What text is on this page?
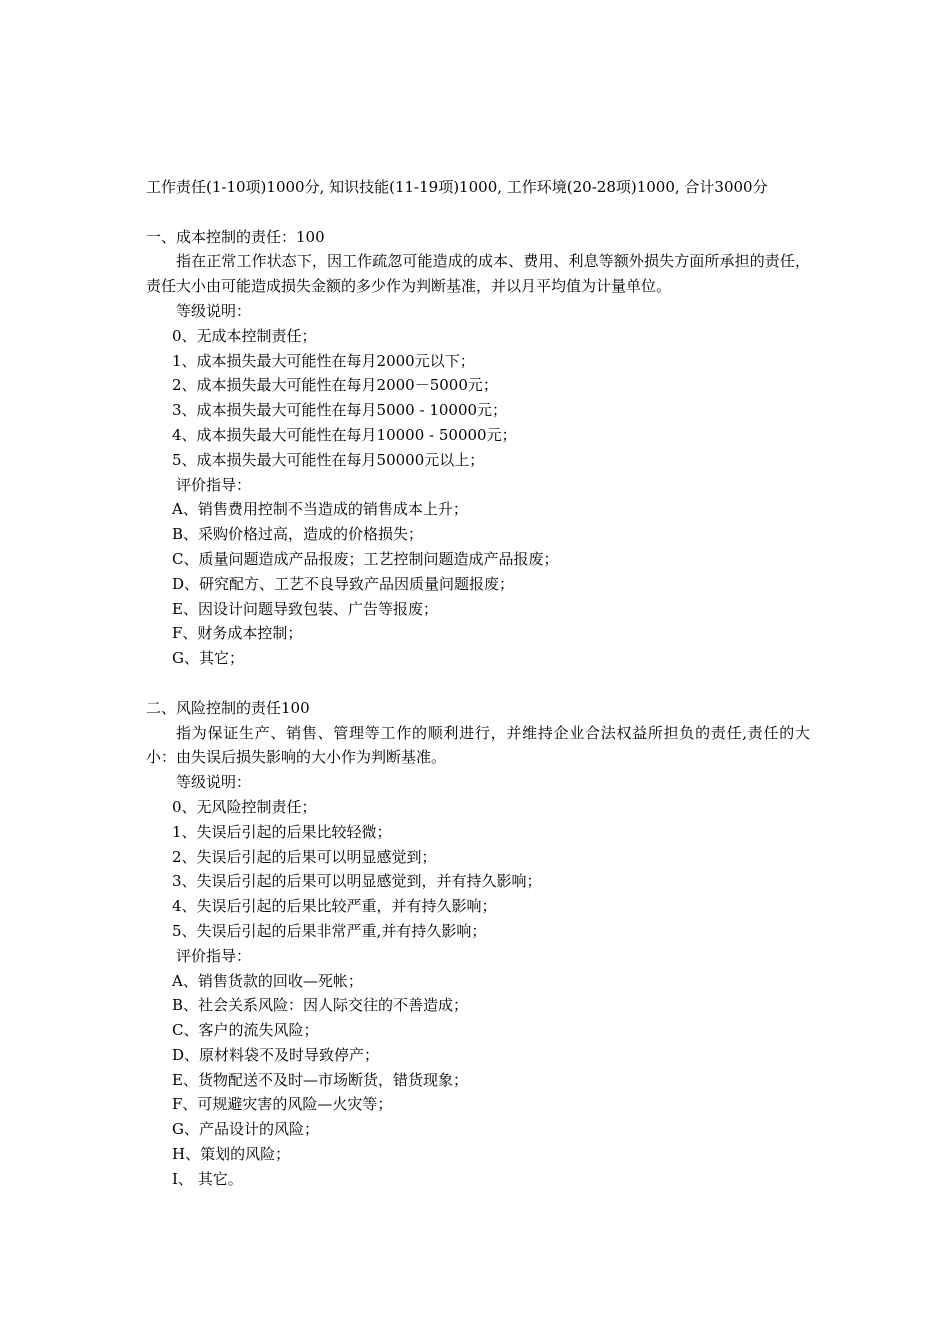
工作责任(1-10项)1000分, 知识技能(11-19项)1000, 工作环境(20-28项)1000, 合计3000分
一、成本控制的责任：100
指在正常工作状态下，因工作疏忽可能造成的成本、费用、利息等额外损失方面所承担的责任，责任大小由可能造成损失金额的多少作为判断基准，并以月平均值为计量单位。
等级说明：
0、无成本控制责任；
1、成本损失最大可能性在每月2000元以下；
2、成本损失最大可能性在每月2000－5000元；
3、成本损失最大可能性在每月5000 - 10000元；
4、成本损失最大可能性在每月10000 - 50000元；
5、成本损失最大可能性在每月50000元以上；
评价指导：
A、销售费用控制不当造成的销售成本上升；
B、采购价格过高，造成的价格损失；
C、质量问题造成产品报废；工艺控制问题造成产品报废；
D、研究配方、工艺不良导致产品因质量问题报废；
E、因设计问题导致包装、广告等报废；
F、财务成本控制；
G、其它；
二、风险控制的责任100
指为保证生产、销售、管理等工作的顺利进行，并维持企业合法权益所担负的责任,责任的大小：由失误后损失影响的大小作为判断基准。
等级说明：
0、无风险控制责任；
1、失误后引起的后果比较轻微；
2、失误后引起的后果可以明显感觉到；
3、失误后引起的后果可以明显感觉到，并有持久影响；
4、失误后引起的后果比较严重，并有持久影响；
5、失误后引起的后果非常严重,并有持久影响；
评价指导：
A、销售货款的回收—死帐；
B、社会关系风险：因人际交往的不善造成；
C、客户的流失风险；
D、原材料袋不及时导致停产；
E、货物配送不及时—市场断货，错货现象；
F、可规避灾害的风险—火灾等；
G、产品设计的风险；
H、策划的风险；
I、 其它。
